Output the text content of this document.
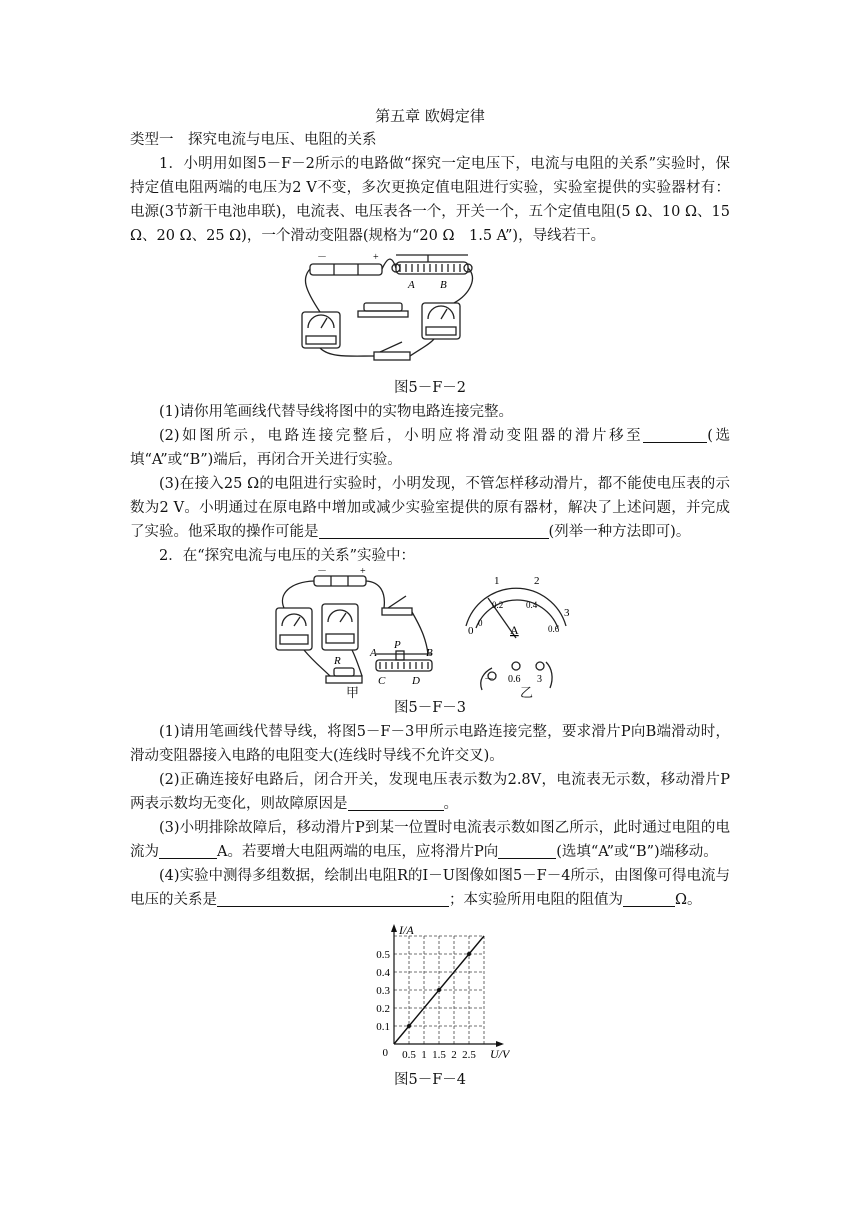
第五章 欧姆定律

类型一　探究电流与电压、电阻的关系

1．小明用如图5－F－2所示的电路做“探究一定电压下，电流与电阻的关系”实验时，保持定值电阻两端的电压为2 V不变，多次更换定值电阻进行实验，实验室提供的实验器材有：电源(3节新干电池串联)，电流表、电压表各一个，开关一个，五个定值电阻(5 Ω、10 Ω、15 Ω、20 Ω、25 Ω)，一个滑动变阻器(规格为“20 Ω　1.5 A”)，导线若干。

－	+
A B

图5－F－2

(1)请你用笔画线代替导线将图中的实物电路连接完整。

(2)如图所示，电路连接完整后，小明应将滑动变阻器的滑片移至	(选填“A”或“B”)端后，再闭合开关进行实验。

(3)在接入25 Ω的电阻进行实验时，小明发现，不管怎样移动滑片，都不能使电压表的示数为2 V。小明通过在原电路中增加或减少实验室提供的原有器材，解决了上述问题，并完成了实验。他采取的操作可能是	(列举一种方法即可)。

2．在“探究电流与电压的关系”实验中：

－	+
R
A
P
B
C D
0
1	2
3
0
0.2	0.4
0.6
A
－ 0.6 3
甲	乙

图5－F－3

(1)请用笔画线代替导线，将图5－F－3甲所示电路连接完整，要求滑片P向B端滑动时，滑动变阻器接入电路的电阻变大(连线时导线不允许交叉)。

(2)正确连接好电路后，闭合开关，发现电压表示数为2.8V，电流表无示数，移动滑片P两表示数均无变化，则故障原因是	。

(3)小明排除故障后，移动滑片P到某一位置时电流表示数如图乙所示，此时通过电阻的电流为	A。若要增大电阻两端的电压，应将滑片P向	(选填“A”或“B”)端移动。

(4)实验中测得多组数据，绘制出电阻R的I－U图像如图5－F－4所示，由图像可得电流与电压的关系是	；本实验所用电阻的阻值为	Ω。

0.1
0.2
0.3
0.4
0.5
0.5 1 1.5 2 2.5
0
I/A
U/V

图5－F－4
